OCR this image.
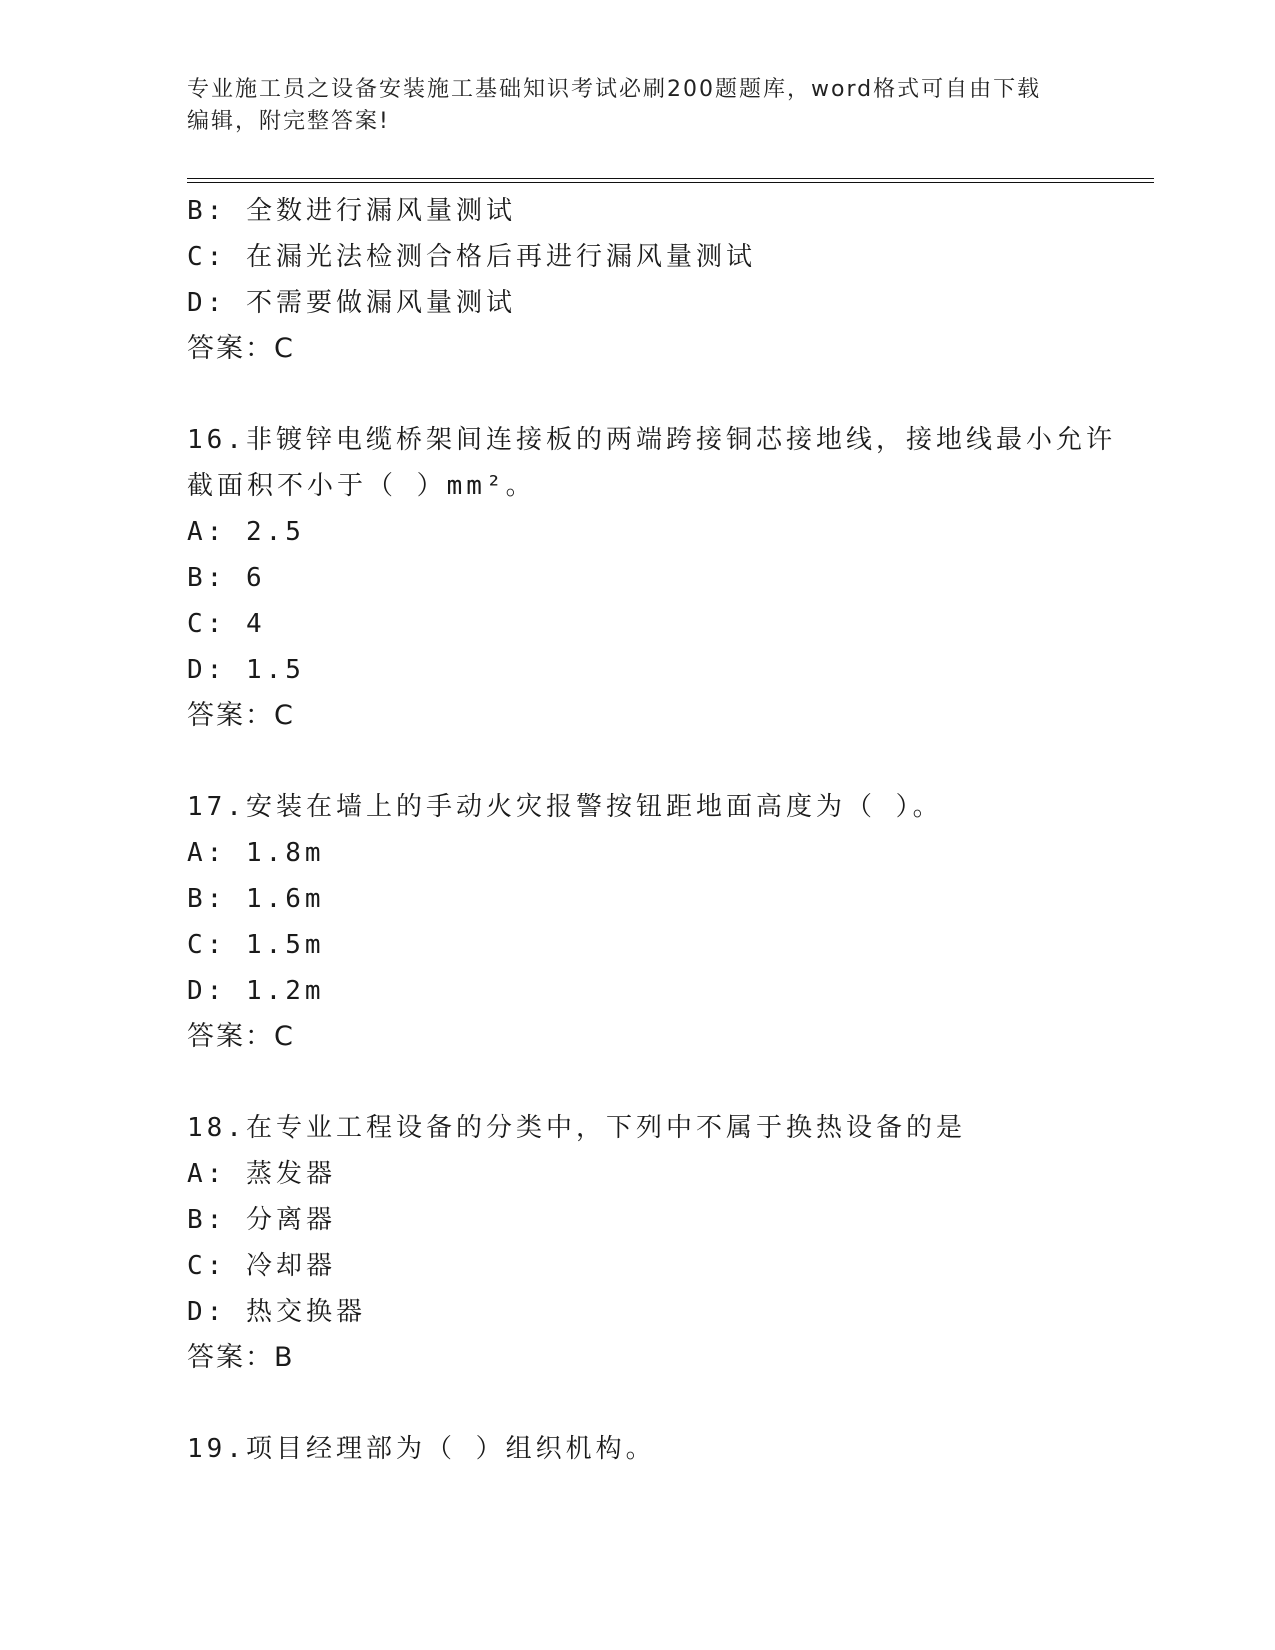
专业施工员之设备安装施工基础知识考试必刷200题题库，word格式可自由下载
编辑，附完整答案!
B: 全数进行漏风量测试
C: 在漏光法检测合格后再进行漏风量测试
D: 不需要做漏风量测试
答案：C
16.非镀锌电缆桥架间连接板的两端跨接铜芯接地线，接地线最小允许
截面积不小于（ ）mm²。
A: 2.5
B: 6
C: 4
D: 1.5
答案：C
17.安装在墙上的手动火灾报警按钮距地面高度为（ ）。
A: 1.8m
B: 1.6m
C: 1.5m
D: 1.2m
答案：C
18.在专业工程设备的分类中，下列中不属于换热设备的是
A: 蒸发器
B: 分离器
C: 冷却器
D: 热交换器
答案：B
19.项目经理部为（ ）组织机构。
